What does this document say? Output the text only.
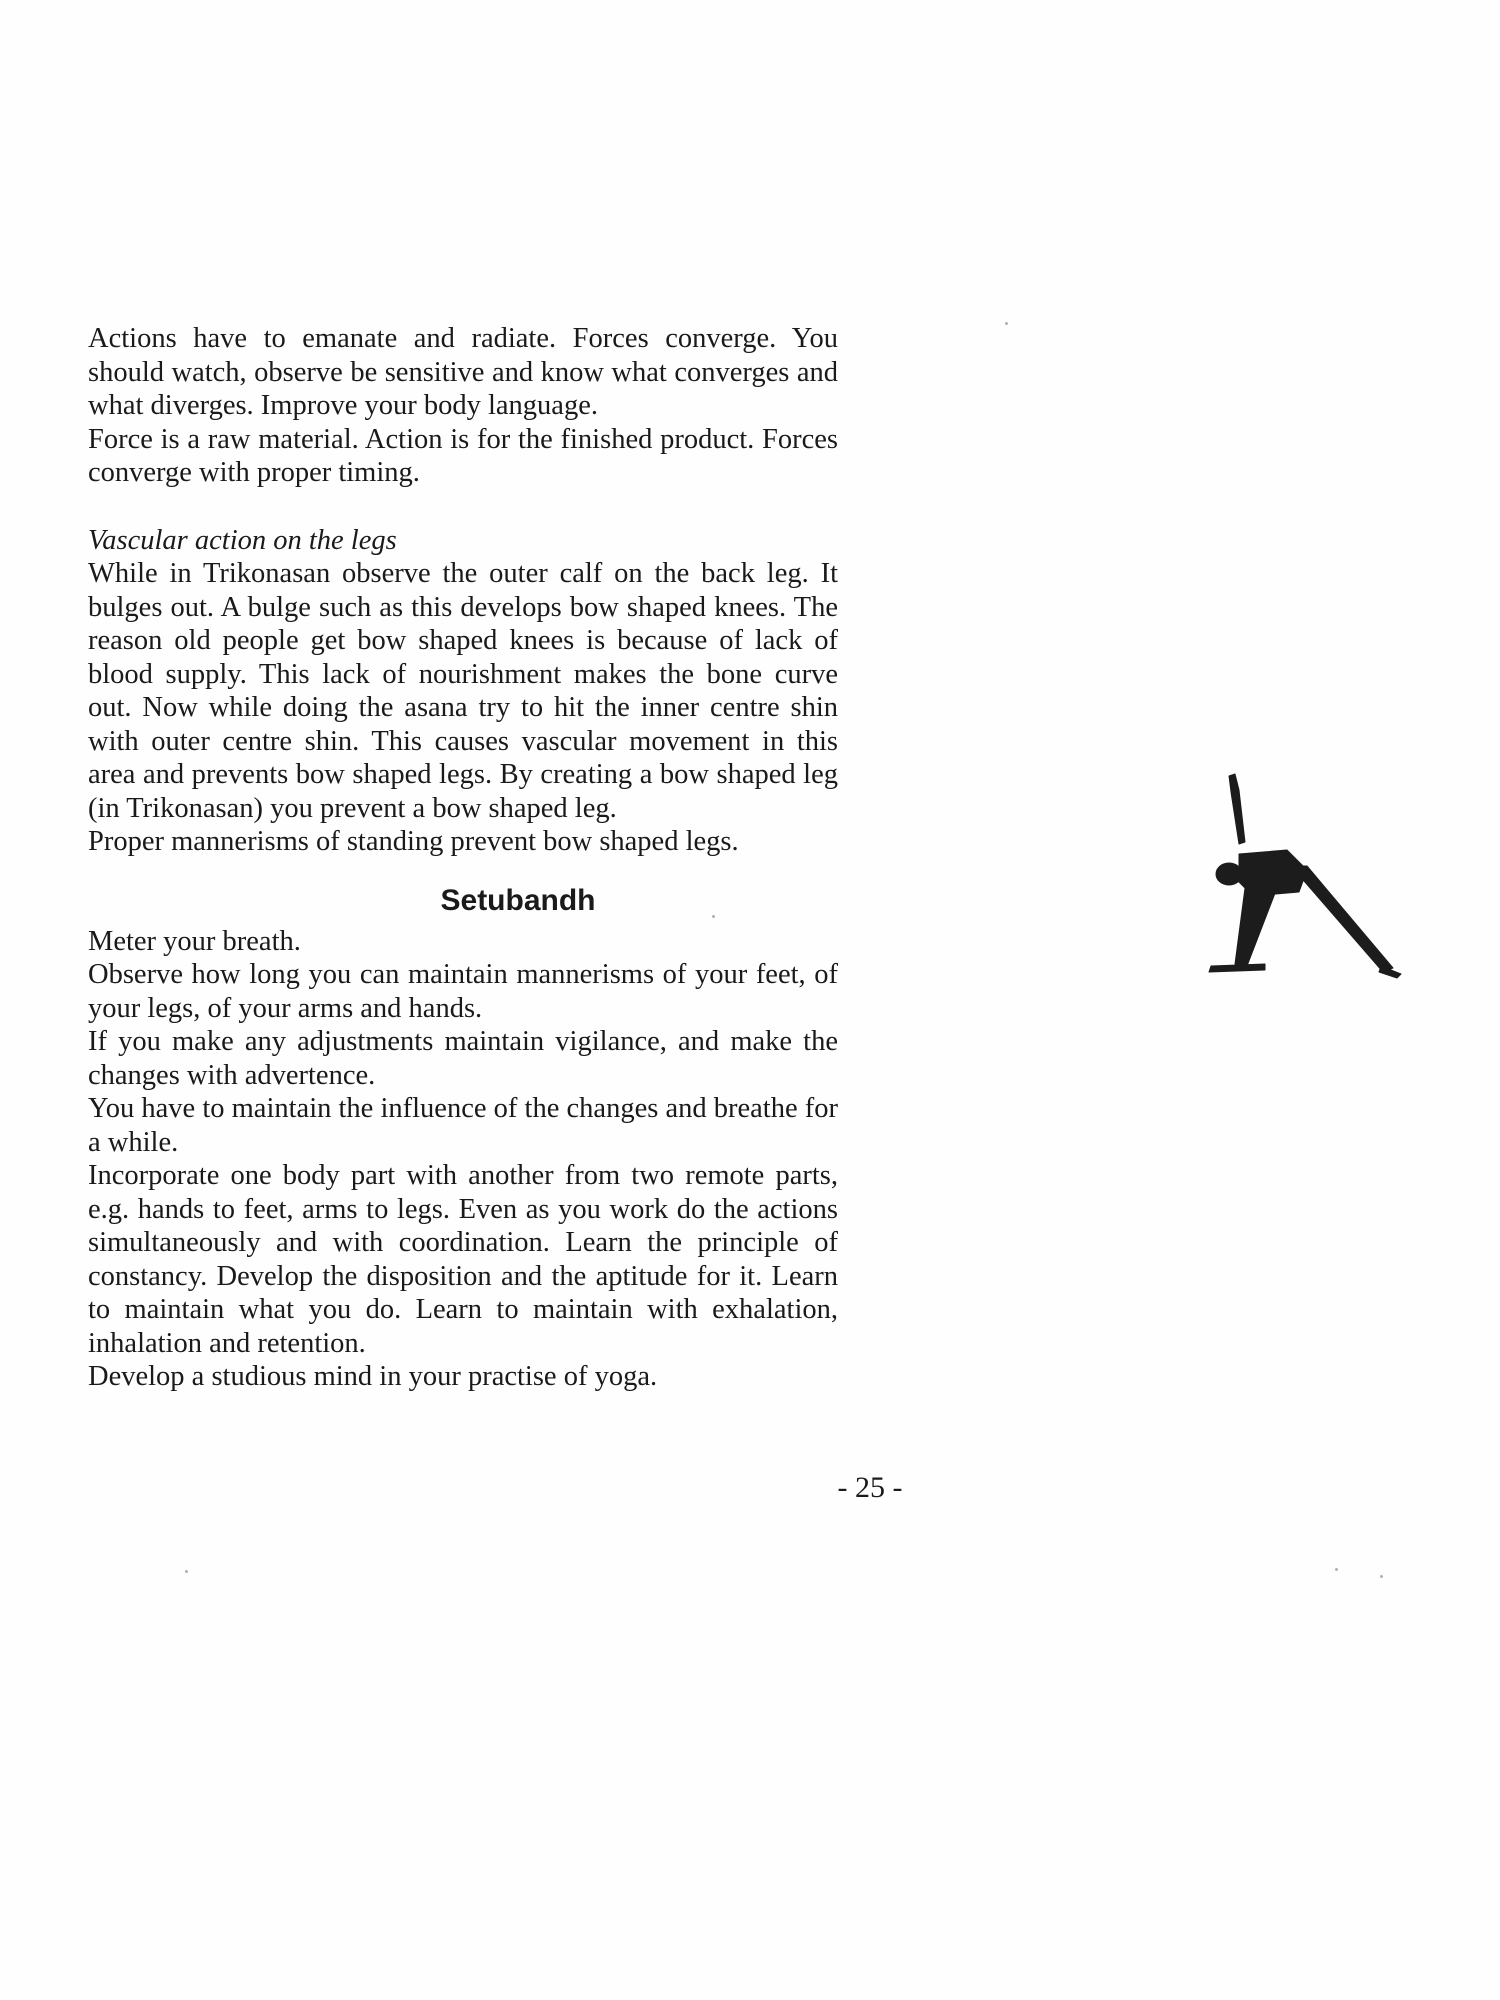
Actions have to emanate and radiate. Forces converge. You should watch, observe be sensitive and know what converges and what diverges. Improve your body language.

Force is a raw material. Action is for the finished product. Forces converge with proper timing.

Vascular action on the legs

While in Trikonasan observe the outer calf on the back leg. It bulges out. A bulge such as this develops bow shaped knees. The reason old people get bow shaped knees is because of lack of blood supply. This lack of nourishment makes the bone curve out. Now while doing the asana try to hit the inner centre shin with outer centre shin. This causes vascular movement in this area and prevents bow shaped legs. By creating a bow shaped leg (in Trikonasan) you prevent a bow shaped leg.

Proper mannerisms of standing prevent bow shaped legs.

Setubandh

Meter your breath.

Observe how long you can maintain mannerisms of your feet, of your legs, of your arms and hands.

If you make any adjustments maintain vigilance, and make the changes with advertence.

You have to maintain the influence of the changes and breathe for a while.

Incorporate one body part with another from two remote parts, e.g. hands to feet, arms to legs. Even as you work do the actions simultaneously and with coordination. Learn the principle of constancy. Develop the disposition and the aptitude for it. Learn to maintain what you do. Learn to maintain with exhalation, inhalation and retention.

Develop a studious mind in your practise of yoga.

- 25 -
